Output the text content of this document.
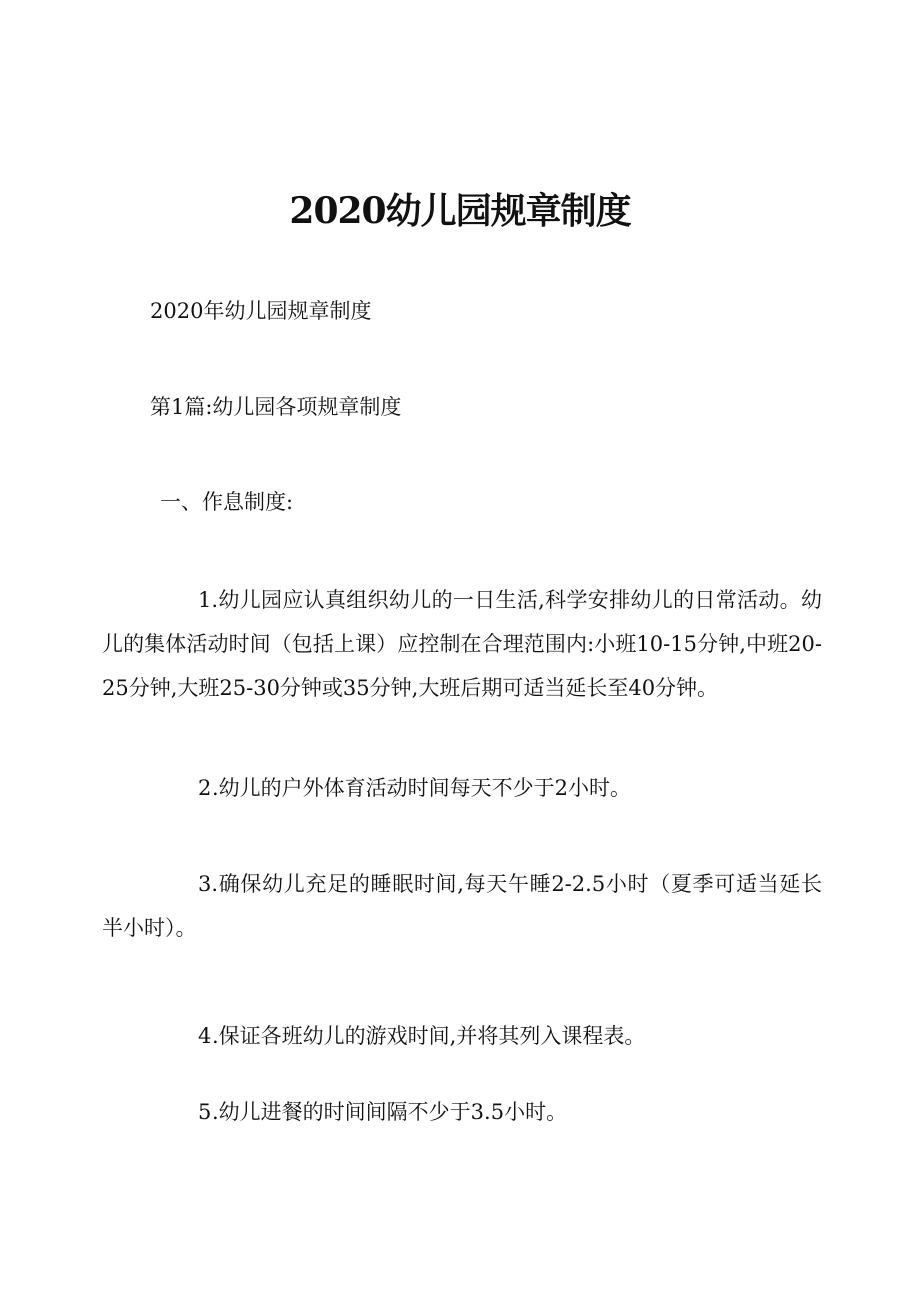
2020幼儿园规章制度

2020年幼儿园规章制度

第1篇:幼儿园各项规章制度

一、作息制度:

1.幼儿园应认真组织幼儿的一日生活,科学安排幼儿的日常活动。幼儿的集体活动时间（包括上课）应控制在合理范围内:小班10-15分钟,中班20-25分钟,大班25-30分钟或35分钟,大班后期可适当延长至40分钟。

2.幼儿的户外体育活动时间每天不少于2小时。

3.确保幼儿充足的睡眠时间,每天午睡2-2.5小时（夏季可适当延长半小时）。

4.保证各班幼儿的游戏时间,并将其列入课程表。

5.幼儿进餐的时间间隔不少于3.5小时。
